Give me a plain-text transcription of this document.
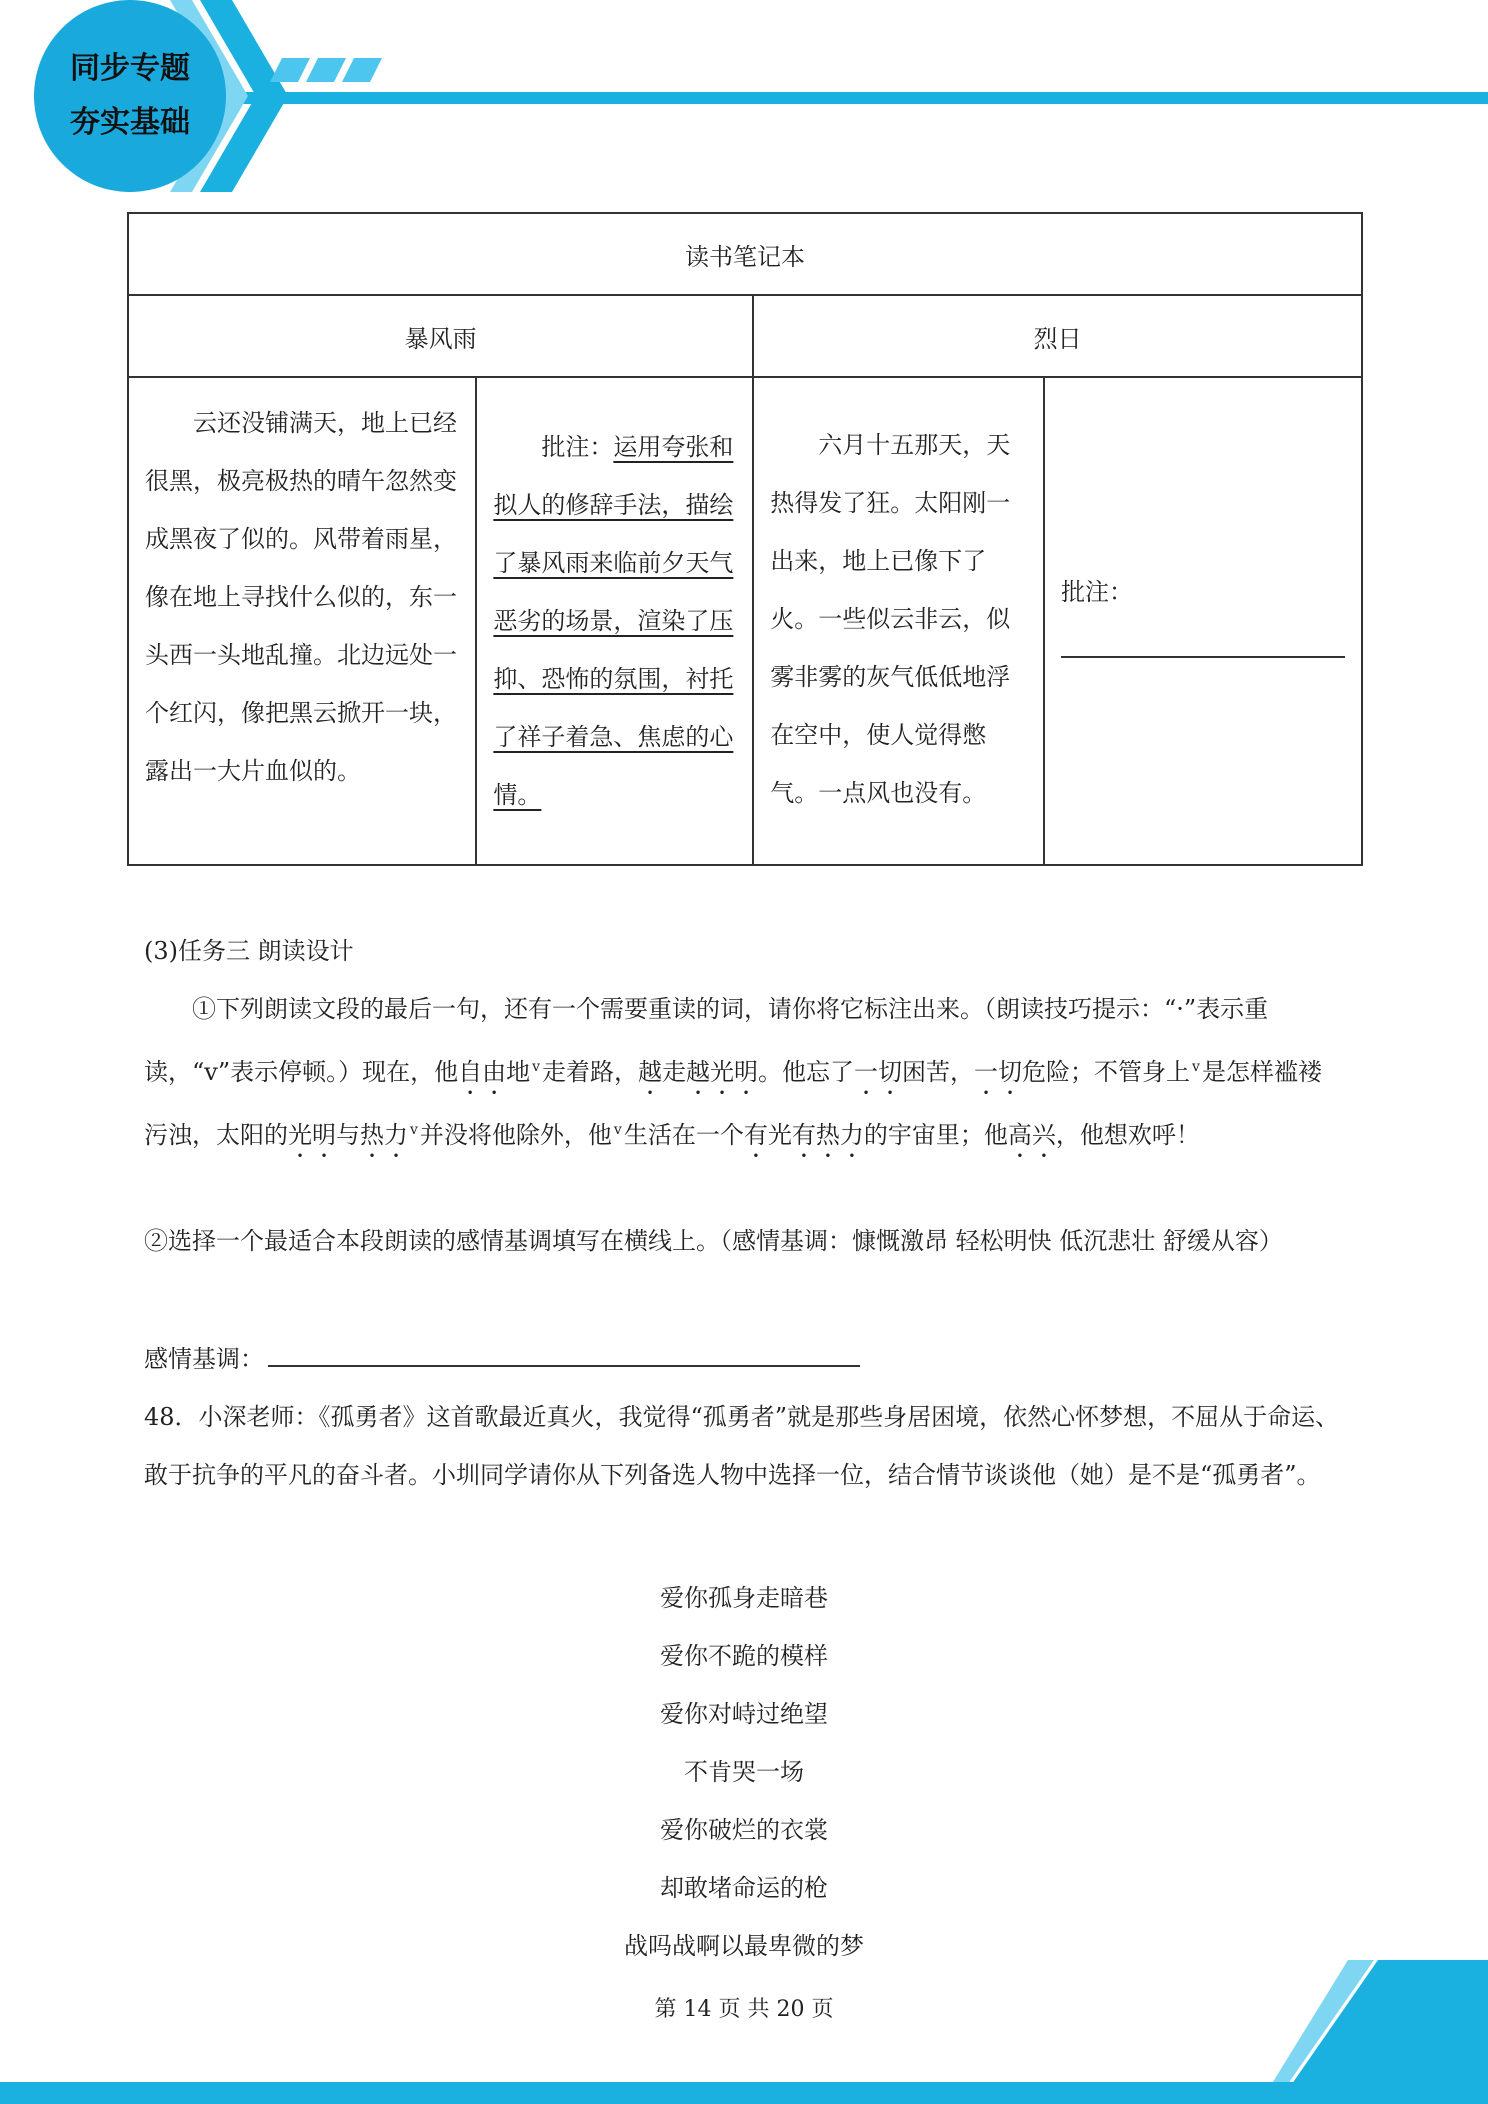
同步专题
夯实基础
读书笔记本			
暴风雨		烈日	
云还没铺满天，地上已经很黑，极亮极热的晴午忽然变成黑夜了似的。风带着雨星，像在地上寻找什么似的，东一头西一头地乱撞。北边远处一个红闪，像把黑云掀开一块，露出一大片血似的。	批注：运用夸张和拟人的修辞手法，描绘了暴风雨来临前夕天气恶劣的场景，渲染了压抑、恐怖的氛围，衬托了祥子着急、焦虑的心情。	六月十五那天，天热得发了狂。太阳刚一出来，地上已像下了火。一些似云非云，似雾非雾的灰气低低地浮在空中，使人觉得憋气。一点风也没有。	批注：

(3)任务三 朗读设计
①下列朗读文段的最后一句，还有一个需要重读的词，请你将它标注出来。（朗读技巧提示：“·”表示重读，“v”表示停顿。）现在，他自由地 $^v$走着路，越走越光明。他忘了一切困苦，一切危险；不管身上 $^v$是怎样褴褛污浊，太阳的光明与热力 $^v$并没将他除外，他 $^v$生活在一个有光有热力的宇宙里；他高兴，他想欢呼！
②选择一个最适合本段朗读的感情基调填写在横线上。（感情基调：慷慨激昂 轻松明快 低沉悲壮 舒缓从容）
感情基调：
48．小深老师：《孤勇者》这首歌最近真火，我觉得“孤勇者”就是那些身居困境，依然心怀梦想，不屈从于命运、敢于抗争的平凡的奋斗者。小圳同学请你从下列备选人物中选择一位，结合情节谈谈他（她）是不是“孤勇者”。
爱你孤身走暗巷
爱你不跪的模样
爱你对峙过绝望
不肯哭一场
爱你破烂的衣裳
却敢堵命运的枪
战吗战啊以最卑微的梦
第 14 页 共 20 页
